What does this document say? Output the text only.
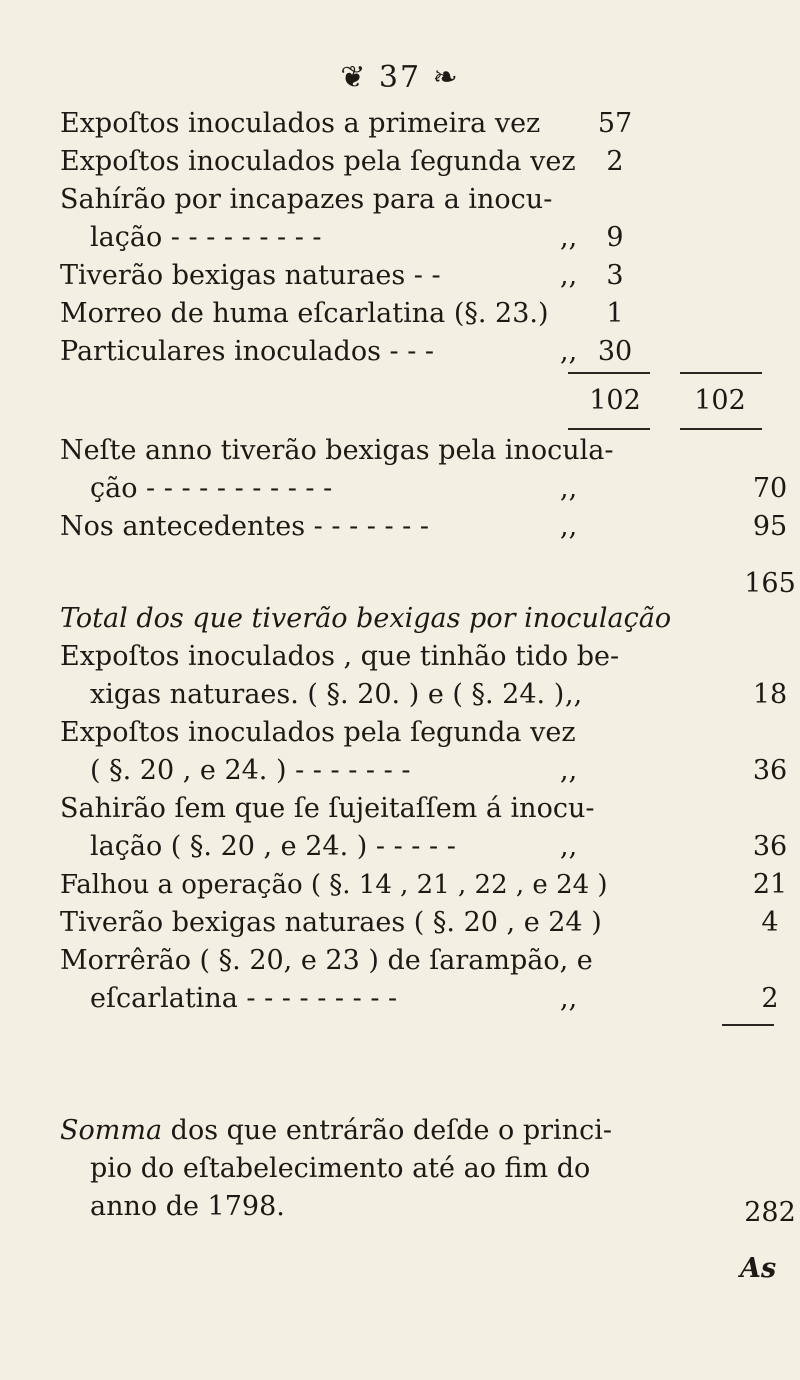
❦ 37 ❧
Expoſtos inoculados a primeira vez	57
Expoſtos inoculados pela ſegunda vez	2
Sahírão por incapazes para a inocu-
lação - - - - - - - - -	,,	9
Tiverão bexigas naturaes - -	,,	3
Morreo de huma eſcarlatina (§. 23.)	1
Particulares inoculados - - -	,, 30
102	102
Neſte anno tiverão bexigas pela inocula-
ção - - - - - - - - - - -	,,	70
Nos antecedentes - - - - - - -	,,	95
165
Total dos que tiverão bexigas por inoculação
Expoſtos inoculados , que tinhão tido be-
xigas naturaes. ( §. 20. ) e ( §. 24. ) ,,	18
Expoſtos inoculados pela ſegunda vez
( §. 20 , e 24. ) - - - - - - -	,,	36
Sahirão ſem que ſe ſujeitaſſem á inocu-
lação ( §. 20 , e 24. ) - - - - -	,,	36
Falhou a operação ( §. 14 , 21 , 22 , e 24 )	21
Tiverão bexigas naturaes ( §. 20 , e 24 )	4
Morrêrão ( §. 20, e 23 ) de ſarampão, e
eſcarlatina - - - - - - - - -	,,	2
Somma dos que entrárão deſde o princi-
pio do eſtabelecimento até ao fim do
anno de 1798.	282
As
